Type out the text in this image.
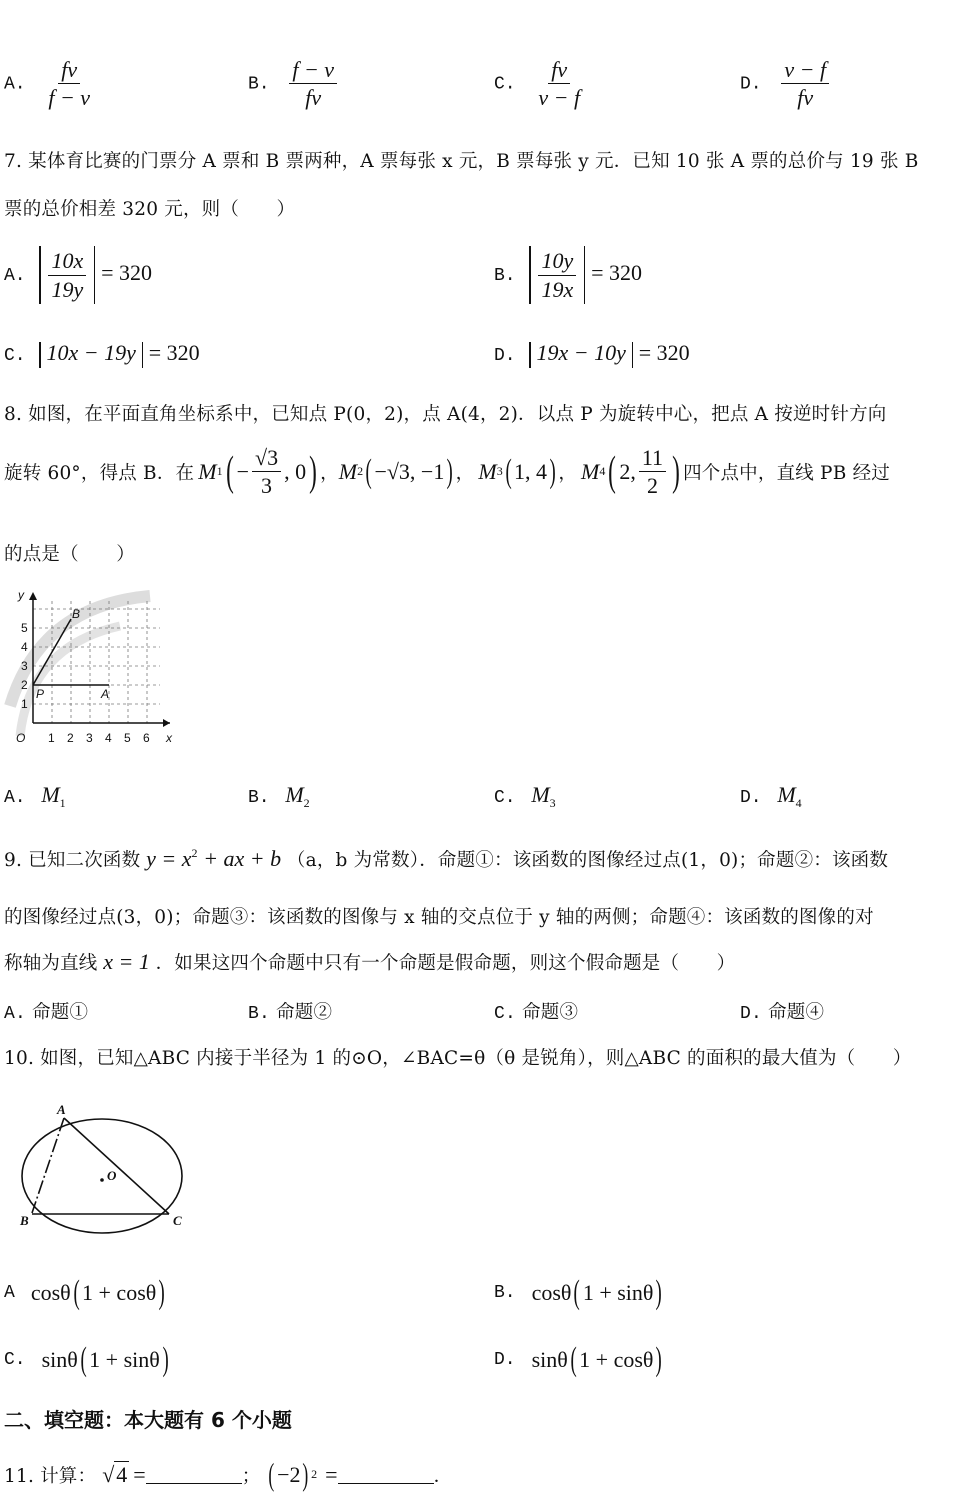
A. $\frac{fv}{f - v}$	B. $\frac{f - v}{fv}$	C. $\frac{fv}{v - f}$	D. $\frac{v - f}{fv}$
7. 某体育比赛的门票分 A 票和 B 票两种，A 票每张 x 元，B 票每张 y 元．已知 10 张 A 票的总价与 19 张 B
票的总价相差 320 元，则（　　）
A. $\frac{10x}{19y} = 320$	B. $\frac{10y}{19x} = 320$
C. 10x − 19y = 320	D. 19x − 10y = 320
8. 如图，在平面直角坐标系中，已知点 P(0，2)，点 A(4，2)．以点 P 为旋转中心，把点 A 按逆时针方向
旋转 60°，得点 B．在 M 1 ( − $\frac{√3}{3}$ , 0 ) ， M 2 ( −√3, −1 ) ， M 3 ( 1, 4 ) ， M 4 ( 2, $\frac{11}{2}$ ) 四个点中，直线 PB 经过
的点是（　　）
y
x
O
1
2
3
4
5
1 2 3 4 5 6
P	A
B
A. $M_1$	B. $M_2$	C. $M_3$	D. $M_4$
9. 已知二次函数 $y = x^2$ + ax + b （a，b 为常数）．命题①：该函数的图像经过点(1，0)；命题②：该函数
的图像经过点(3，0)；命题③：该函数的图像与 x 轴的交点位于 y 轴的两侧；命题④：该函数的图像的对
称轴为直线 x = 1 ．如果这四个命题中只有一个命题是假命题，则这个假命题是（　　）
A. 命题①	B. 命题②	C. 命题③	D. 命题④
10. 如图，已知△ABC 内接于半径为 1 的⊙O，∠BAC=θ（θ 是锐角），则△ABC 的面积的最大值为（　　）
A
B	C
O
A cosθ ( 1 + cosθ )	B. cosθ ( 1 + sinθ )
C. sinθ ( 1 + sinθ )	D. sinθ ( 1 + cosθ )
二、填空题：本大题有 6 个小题
11. 计算： √ 4 =	； ( −2 ) 2 =	．
